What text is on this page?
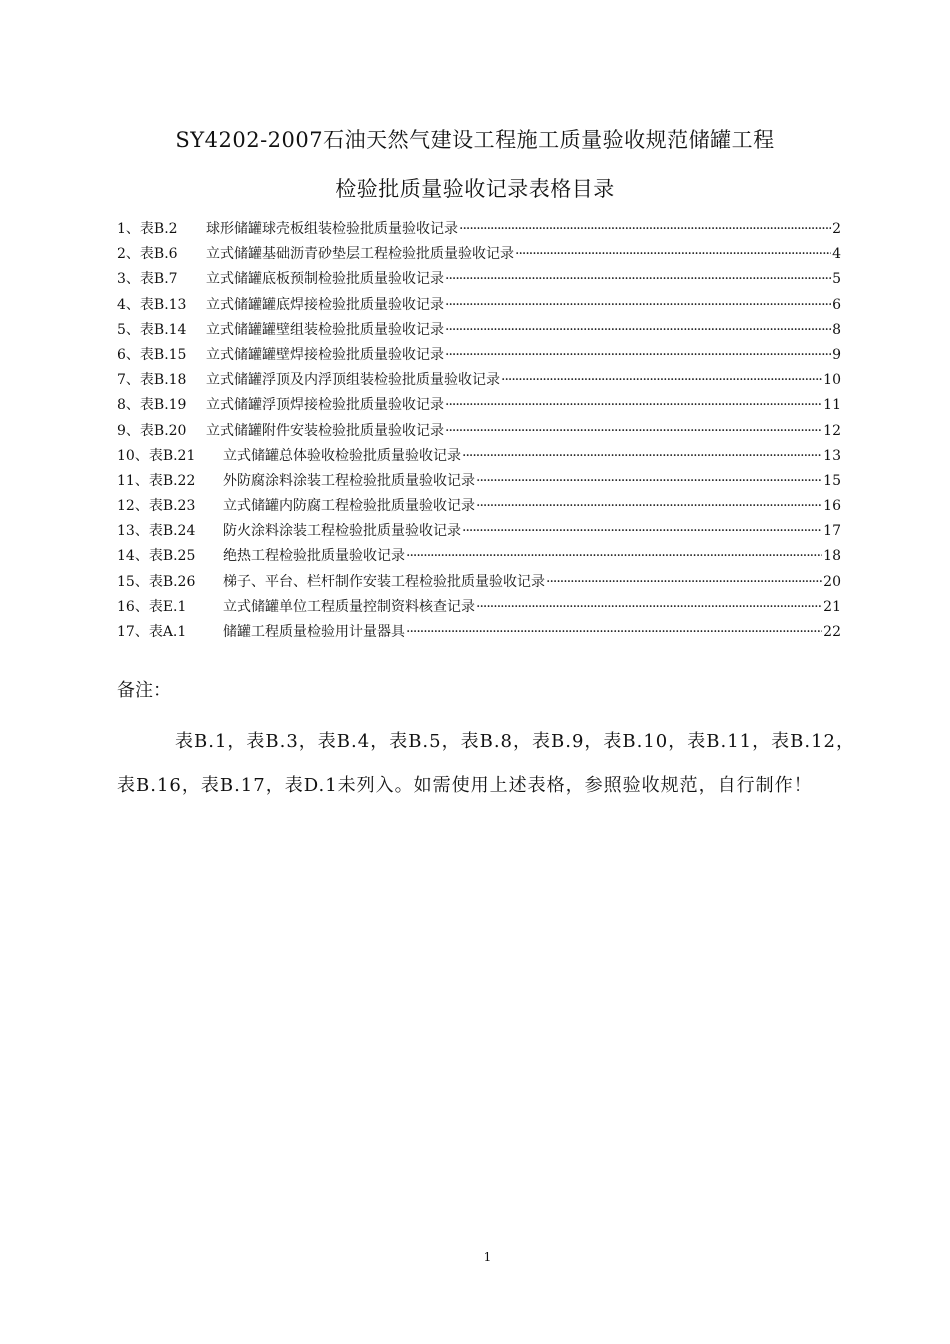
SY4202-2007石油天然气建设工程施工质量验收规范储罐工程
检验批质量验收记录表格目录
1、表B.2	球形储罐球壳板组装检验批质量验收记录 ·····	2
2、表B.6	立式储罐基础沥青砂垫层工程检验批质量验收记录 ·····	4
3、表B.7	立式储罐底板预制检验批质量验收记录 ·····	5
4、表B.13	立式储罐罐底焊接检验批质量验收记录 ·····	6
5、表B.14	立式储罐罐壁组装检验批质量验收记录 ·····	8
6、表B.15	立式储罐罐壁焊接检验批质量验收记录 ·····	9
7、表B.18	立式储罐浮顶及内浮顶组装检验批质量验收记录 ·····	10
8、表B.19	立式储罐浮顶焊接检验批质量验收记录 ·····	11
9、表B.20	立式储罐附件安装检验批质量验收记录 ·····	12
10、表B.21	立式储罐总体验收检验批质量验收记录 ·····	13
11、表B.22	外防腐涂料涂装工程检验批质量验收记录 ·····	15
12、表B.23	立式储罐内防腐工程检验批质量验收记录 ·····	16
13、表B.24	防火涂料涂装工程检验批质量验收记录 ·····	17
14、表B.25	绝热工程检验批质量验收记录 ·····	18
15、表B.26	梯子、平台、栏杆制作安装工程检验批质量验收记录 ·····	20
16、表E.1	立式储罐单位工程质量控制资料核查记录 ·····	21
17、表A.1	储罐工程质量检验用计量器具 ·····	22
备注：

表B.1，表B.3，表B.4，表B.5，表B.8，表B.9，表B.10，表B.11，表B.12，表B.16，表B.17，表D.1未列入。如需使用上述表格，参照验收规范，自行制作！

1
